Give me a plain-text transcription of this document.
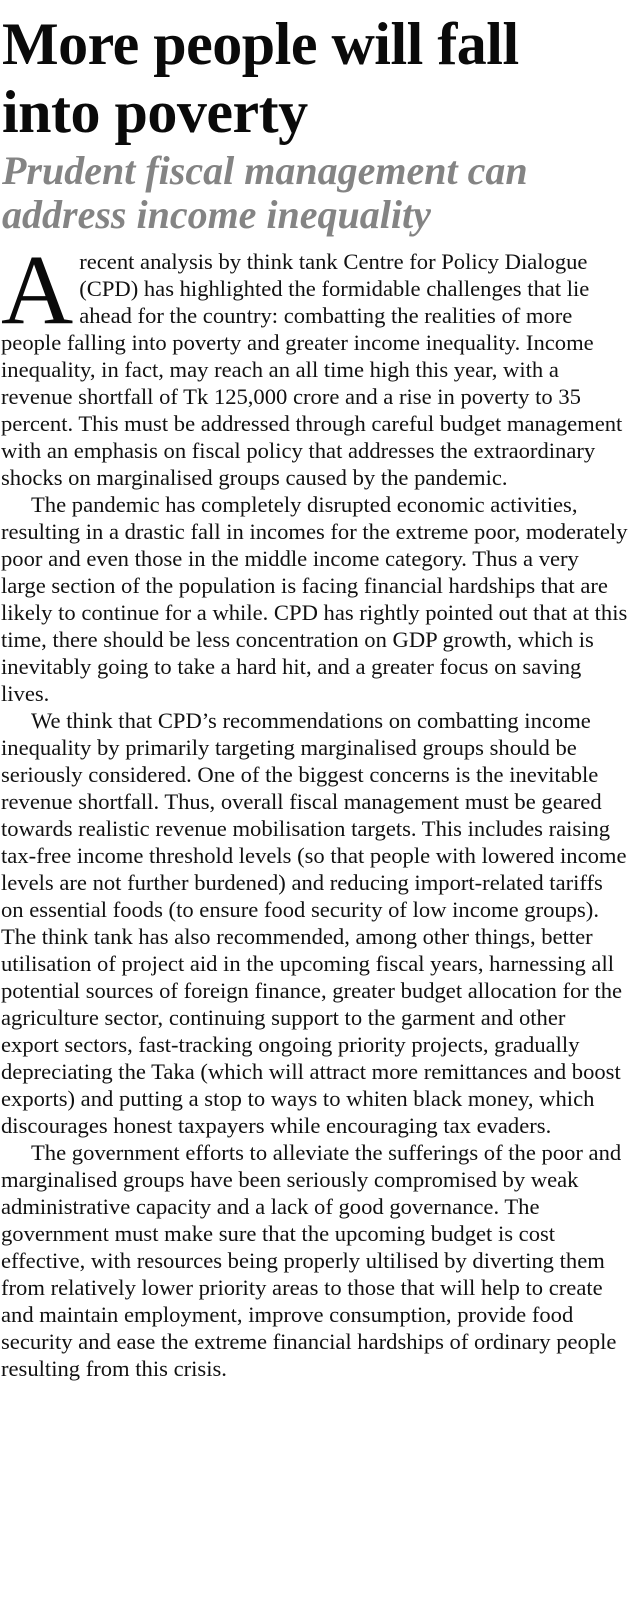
More people will fall into poverty
Prudent fiscal management can address income inequality

Arecent analysis by think tank Centre for Policy Dialogue (CPD) has highlighted the formidable challenges that lie ahead for the country: combatting the realities of more people falling into poverty and greater income inequality. Income inequality, in fact, may reach an all time high this year, with a revenue shortfall of Tk 125,000 crore and a rise in poverty to 35 percent. This must be addressed through careful budget management with an emphasis on fiscal policy that addresses the extraordinary shocks on marginalised groups caused by the pandemic.

The pandemic has completely disrupted economic activities, resulting in a drastic fall in incomes for the extreme poor, moderately poor and even those in the middle income category. Thus a very large section of the population is facing financial hardships that are likely to continue for a while. CPD has rightly pointed out that at this time, there should be less concentration on GDP growth, which is inevitably going to take a hard hit, and a greater focus on saving lives.

We think that CPD’s recommendations on combatting income inequality by primarily targeting marginalised groups should be seriously considered. One of the biggest concerns is the inevitable revenue shortfall. Thus, overall fiscal management must be geared towards realistic revenue mobilisation targets. This includes raising tax-free income threshold levels (so that people with lowered income levels are not further burdened) and reducing import-related tariffs on essential foods (to ensure food security of low income groups). The think tank has also recommended, among other things, better utilisation of project aid in the upcoming fiscal years, harnessing all potential sources of foreign finance, greater budget allocation for the agriculture sector, continuing support to the garment and other export sectors, fast-tracking ongoing priority projects, gradually depreciating the Taka (which will attract more remittances and boost exports) and putting a stop to ways to whiten black money, which discourages honest taxpayers while encouraging tax evaders.

The government efforts to alleviate the sufferings of the poor and marginalised groups have been seriously compromised by weak administrative capacity and a lack of good governance. The government must make sure that the upcoming budget is cost effective, with resources being properly ultilised by diverting them from relatively lower priority areas to those that will help to create and maintain employment, improve consumption, provide food security and ease the extreme financial hardships of ordinary people resulting from this crisis.
